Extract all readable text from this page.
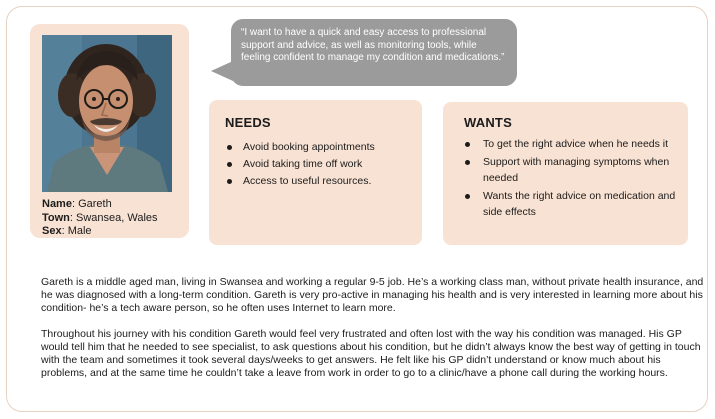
Name: Gareth
Town: Swansea, Wales
Sex: Male
“I want to have a quick and easy access to professional support and advice, as well as monitoring tools, while feeling confident to manage my condition and medications.”
NEEDS
Avoid booking appointments
Avoid taking time off work
Access to useful resources.
WANTS
To get the right advice when he needs it
Support with managing symptoms when needed
Wants the right advice on medication and side effects

Gareth is a middle aged man, living in Swansea and working a regular 9-5 job. He’s a working class man, without private health insurance, and he was diagnosed with a long-term condition. Gareth is very pro-active in managing his health and is very interested in learning more about his condition- he’s a tech aware person, so he often uses Internet to learn more.

Throughout his journey with his condition Gareth would feel very frustrated and often lost with the way his condition was managed. His GP would tell him that he needed to see specialist, to ask questions about his condition, but he didn’t always know the best way of getting in touch with the team and sometimes it took several days/weeks to get answers. He felt like his GP didn’t understand or know much about his problems, and at the same time he couldn’t take a leave from work in order to go to a clinic/have a phone call during the working hours.
